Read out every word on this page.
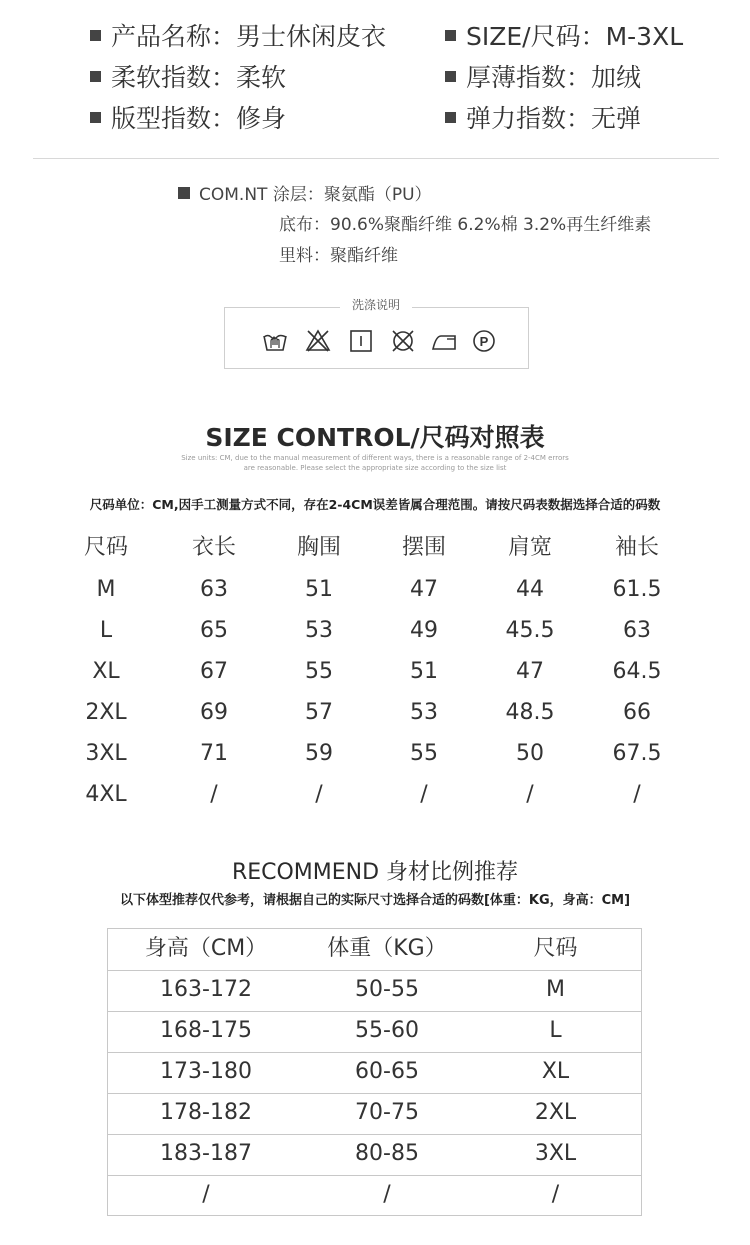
产品名称：男士休闲皮衣	SIZE/尺码：M-3XL
柔软指数：柔软	厚薄指数：加绒
版型指数：修身	弹力指数：无弹
COM.NT 涂层：聚氨酯（PU）
底布：90.6%聚酯纤维 6.2%棉 3.2%再生纤维素
里料：聚酯纤维
洗涤说明
P
SIZE CONTROL/尺码对照表
Size units: CM, due to the manual measurement of different ways, there is a reasonable range of 2-4CM errors
are reasonable. Please select the appropriate size according to the size list
尺码单位：CM,因手工测量方式不同，存在2-4CM误差皆属合理范围。请按尺码表数据选择合适的码数
尺码	衣长	胸围	摆围	肩宽	袖长
M	63	51	47	44	61.5
L	65	53	49	45.5	63
XL	67	55	51	47	64.5
2XL	69	57	53	48.5	66
3XL	71	59	55	50	67.5
4XL	/	/	/	/	/
RECOMMEND 身材比例推荐
以下体型推荐仅代参考，请根据自己的实际尺寸选择合适的码数[体重：KG，身高：CM]
身高（CM）	体重（KG）	尺码
163-172	50-55	M
168-175	55-60	L
173-180	60-65	XL
178-182	70-75	2XL
183-187	80-85	3XL
/	/	/
